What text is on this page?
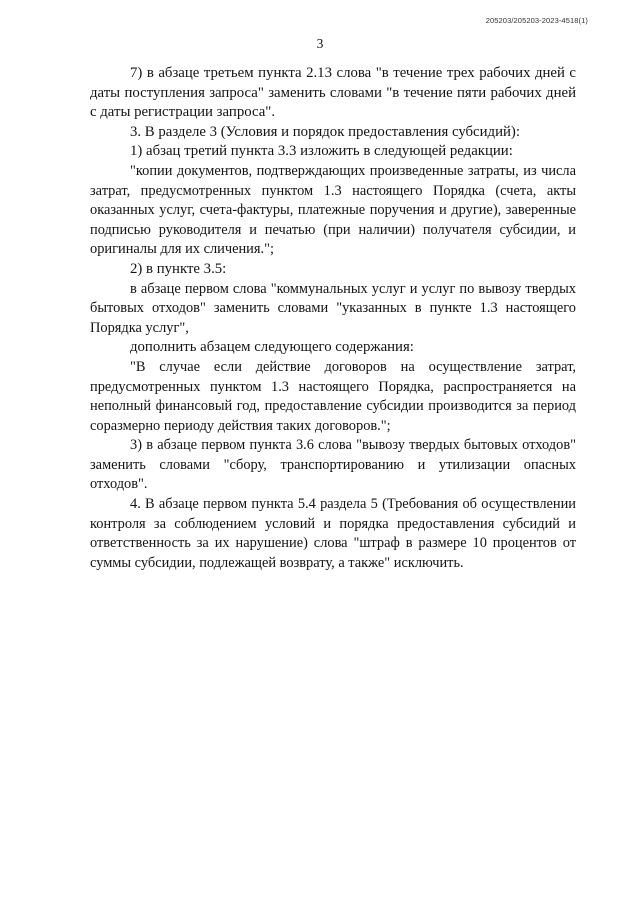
205203/205203-2023-4518(1)
3

7) в абзаце третьем пункта 2.13 слова "в течение трех рабочих дней с даты поступления запроса" заменить словами "в течение пяти рабочих дней с даты регистрации запроса".

3. В разделе 3 (Условия и порядок предоставления субсидий):

1) абзац третий пункта 3.3 изложить в следующей редакции:

"копии документов, подтверждающих произведенные затраты, из числа затрат, предусмотренных пунктом 1.3 настоящего Порядка (счета, акты оказанных услуг, счета-фактуры, платежные поручения и другие), заверенные подписью руководителя и печатью (при наличии) получателя субсидии, и оригиналы для их сличения.";

2) в пункте 3.5:

в абзаце первом слова "коммунальных услуг и услуг по вывозу твердых бытовых отходов" заменить словами "указанных в пункте 1.3 настоящего Порядка услуг",

дополнить абзацем следующего содержания:

"В случае если действие договоров на осуществление затрат, предусмотренных пунктом 1.3 настоящего Порядка, распространяется на неполный финансовый год, предоставление субсидии производится за период соразмерно периоду действия таких договоров.";

3) в абзаце первом пункта 3.6 слова "вывозу твердых бытовых отходов" заменить словами "сбору, транспортированию и утилизации опасных отходов".

4. В абзаце первом пункта 5.4 раздела 5 (Требования об осуществлении контроля за соблюдением условий и порядка предоставления субсидий и ответственность за их нарушение) слова "штраф в размере 10 процентов от суммы субсидии, подлежащей возврату, а также" исключить.
